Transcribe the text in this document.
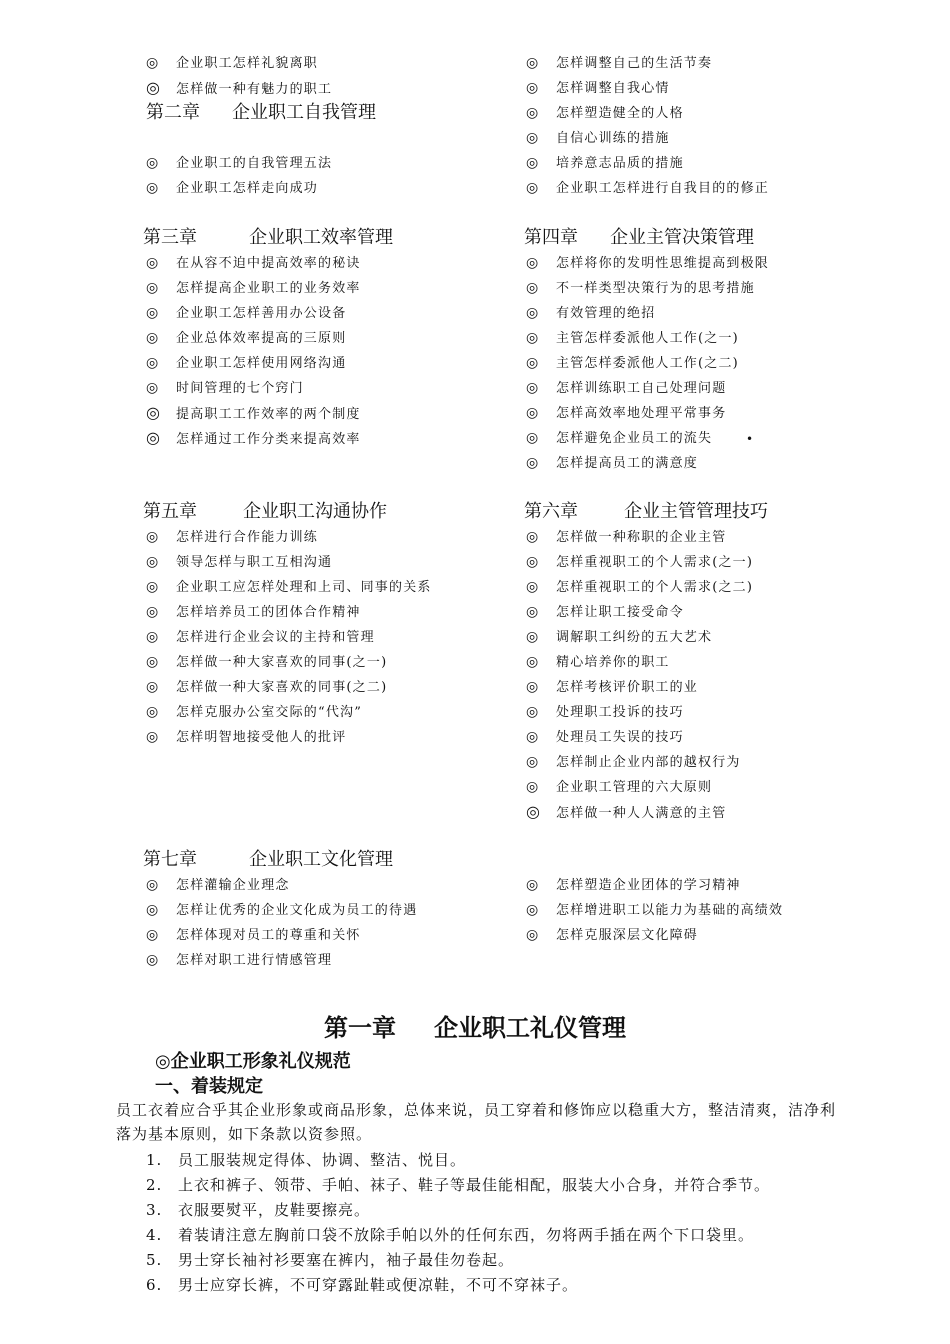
◎ 企业职工怎样礼貌离职
◎ 怎样做一种有魅力的职工
第二章 企业职工自我管理
◎ 企业职工的自我管理五法
◎ 企业职工怎样走向成功
◎ 怎样调整自己的生活节奏
◎ 怎样调整自我心情
◎ 怎样塑造健全的人格
◎ 自信心训练的措施
◎ 培养意志品质的措施
◎ 企业职工怎样进行自我目的的修正
第三章	企业职工效率管理
◎ 在从容不迫中提高效率的秘诀
◎ 怎样提高企业职工的业务效率
◎ 企业职工怎样善用办公设备
◎ 企业总体效率提高的三原则
◎ 企业职工怎样使用网络沟通
◎ 时间管理的七个窍门
◎ 提高职工工作效率的两个制度
◎ 怎样通过工作分类来提高效率
第四章 企业主管决策管理
◎ 怎样将你的发明性思维提高到极限
◎ 不一样类型决策行为的思考措施
◎ 有效管理的绝招
◎ 主管怎样委派他人工作(之一)
◎ 主管怎样委派他人工作(之二)
◎ 怎样训练职工自己处理问题
◎ 怎样高效率地处理平常事务
◎ 怎样避免企业员工的流失	•
◎ 怎样提高员工的满意度
第五章	企业职工沟通协作
◎ 怎样进行合作能力训练
◎ 领导怎样与职工互相沟通
◎ 企业职工应怎样处理和上司、同事的关系
◎ 怎样培养员工的团体合作精神
◎ 怎样进行企业会议的主持和管理
◎ 怎样做一种大家喜欢的同事(之一)
◎ 怎样做一种大家喜欢的同事(之二)
◎ 怎样克服办公室交际的“代沟”
◎ 怎样明智地接受他人的批评
第六章	企业主管管理技巧
◎ 怎样做一种称职的企业主管
◎ 怎样重视职工的个人需求(之一)
◎ 怎样重视职工的个人需求(之二)
◎ 怎样让职工接受命令
◎ 调解职工纠纷的五大艺术
◎ 精心培养你的职工
◎ 怎样考核评价职工的业
◎ 处理职工投诉的技巧
◎ 处理员工失误的技巧
◎ 怎样制止企业内部的越权行为
◎ 企业职工管理的六大原则
◎ 怎样做一种人人满意的主管
第七章	企业职工文化管理
◎ 怎样灌输企业理念
◎ 怎样让优秀的企业文化成为员工的待遇
◎ 怎样体现对员工的尊重和关怀
◎ 怎样对职工进行情感管理
◎ 怎样塑造企业团体的学习精神
◎ 怎样增进职工以能力为基础的高绩效
◎ 怎样克服深层文化障碍
第一章 企业职工礼仪管理
◎企业职工形象礼仪规范
一、着装规定
员工衣着应合乎其企业形象或商品形象，总体来说，员工穿着和修饰应以稳重大方，整洁清爽，洁净利落为基本原则，如下条款以资参照。
1. 员工服装规定得体、协调、整洁、悦目。
2. 上衣和裤子、领带、手帕、袜子、鞋子等最佳能相配，服装大小合身，并符合季节。
3. 衣服要熨平，皮鞋要擦亮。
4. 着装请注意左胸前口袋不放除手帕以外的任何东西，勿将两手插在两个下口袋里。
5. 男士穿长袖衬衫要塞在裤内，袖子最佳勿卷起。
6. 男士应穿长裤，不可穿露趾鞋或便凉鞋，不可不穿袜子。
